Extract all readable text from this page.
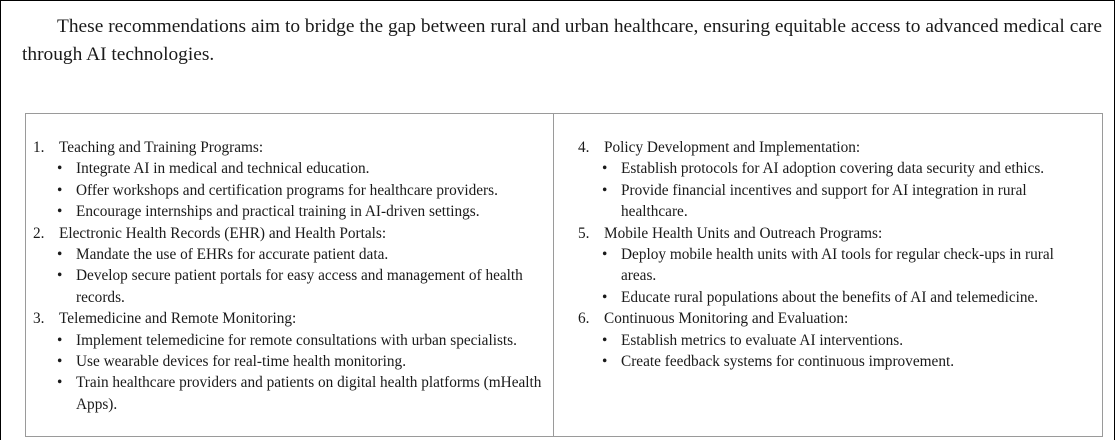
These recommendations aim to bridge the gap between rural and urban healthcare, ensuring equitable access to advanced medical care through AI technologies.

1. Teaching and Training Programs:
• Integrate AI in medical and technical education.
• Offer workshops and certification programs for healthcare providers.
• Encourage internships and practical training in AI-driven settings.
2. Electronic Health Records (EHR) and Health Portals:
• Mandate the use of EHRs for accurate patient data.
• Develop secure patient portals for easy access and management of health records.
3. Telemedicine and Remote Monitoring:
• Implement telemedicine for remote consultations with urban specialists.
• Use wearable devices for real-time health monitoring.
• Train healthcare providers and patients on digital health platforms (mHealth Apps).
4. Policy Development and Implementation:
• Establish protocols for AI adoption covering data security and ethics.
• Provide financial incentives and support for AI integration in rural healthcare.
5. Mobile Health Units and Outreach Programs:
• Deploy mobile health units with AI tools for regular check-ups in rural areas.
• Educate rural populations about the benefits of AI and telemedicine.
6. Continuous Monitoring and Evaluation:
• Establish metrics to evaluate AI interventions.
• Create feedback systems for continuous improvement.
